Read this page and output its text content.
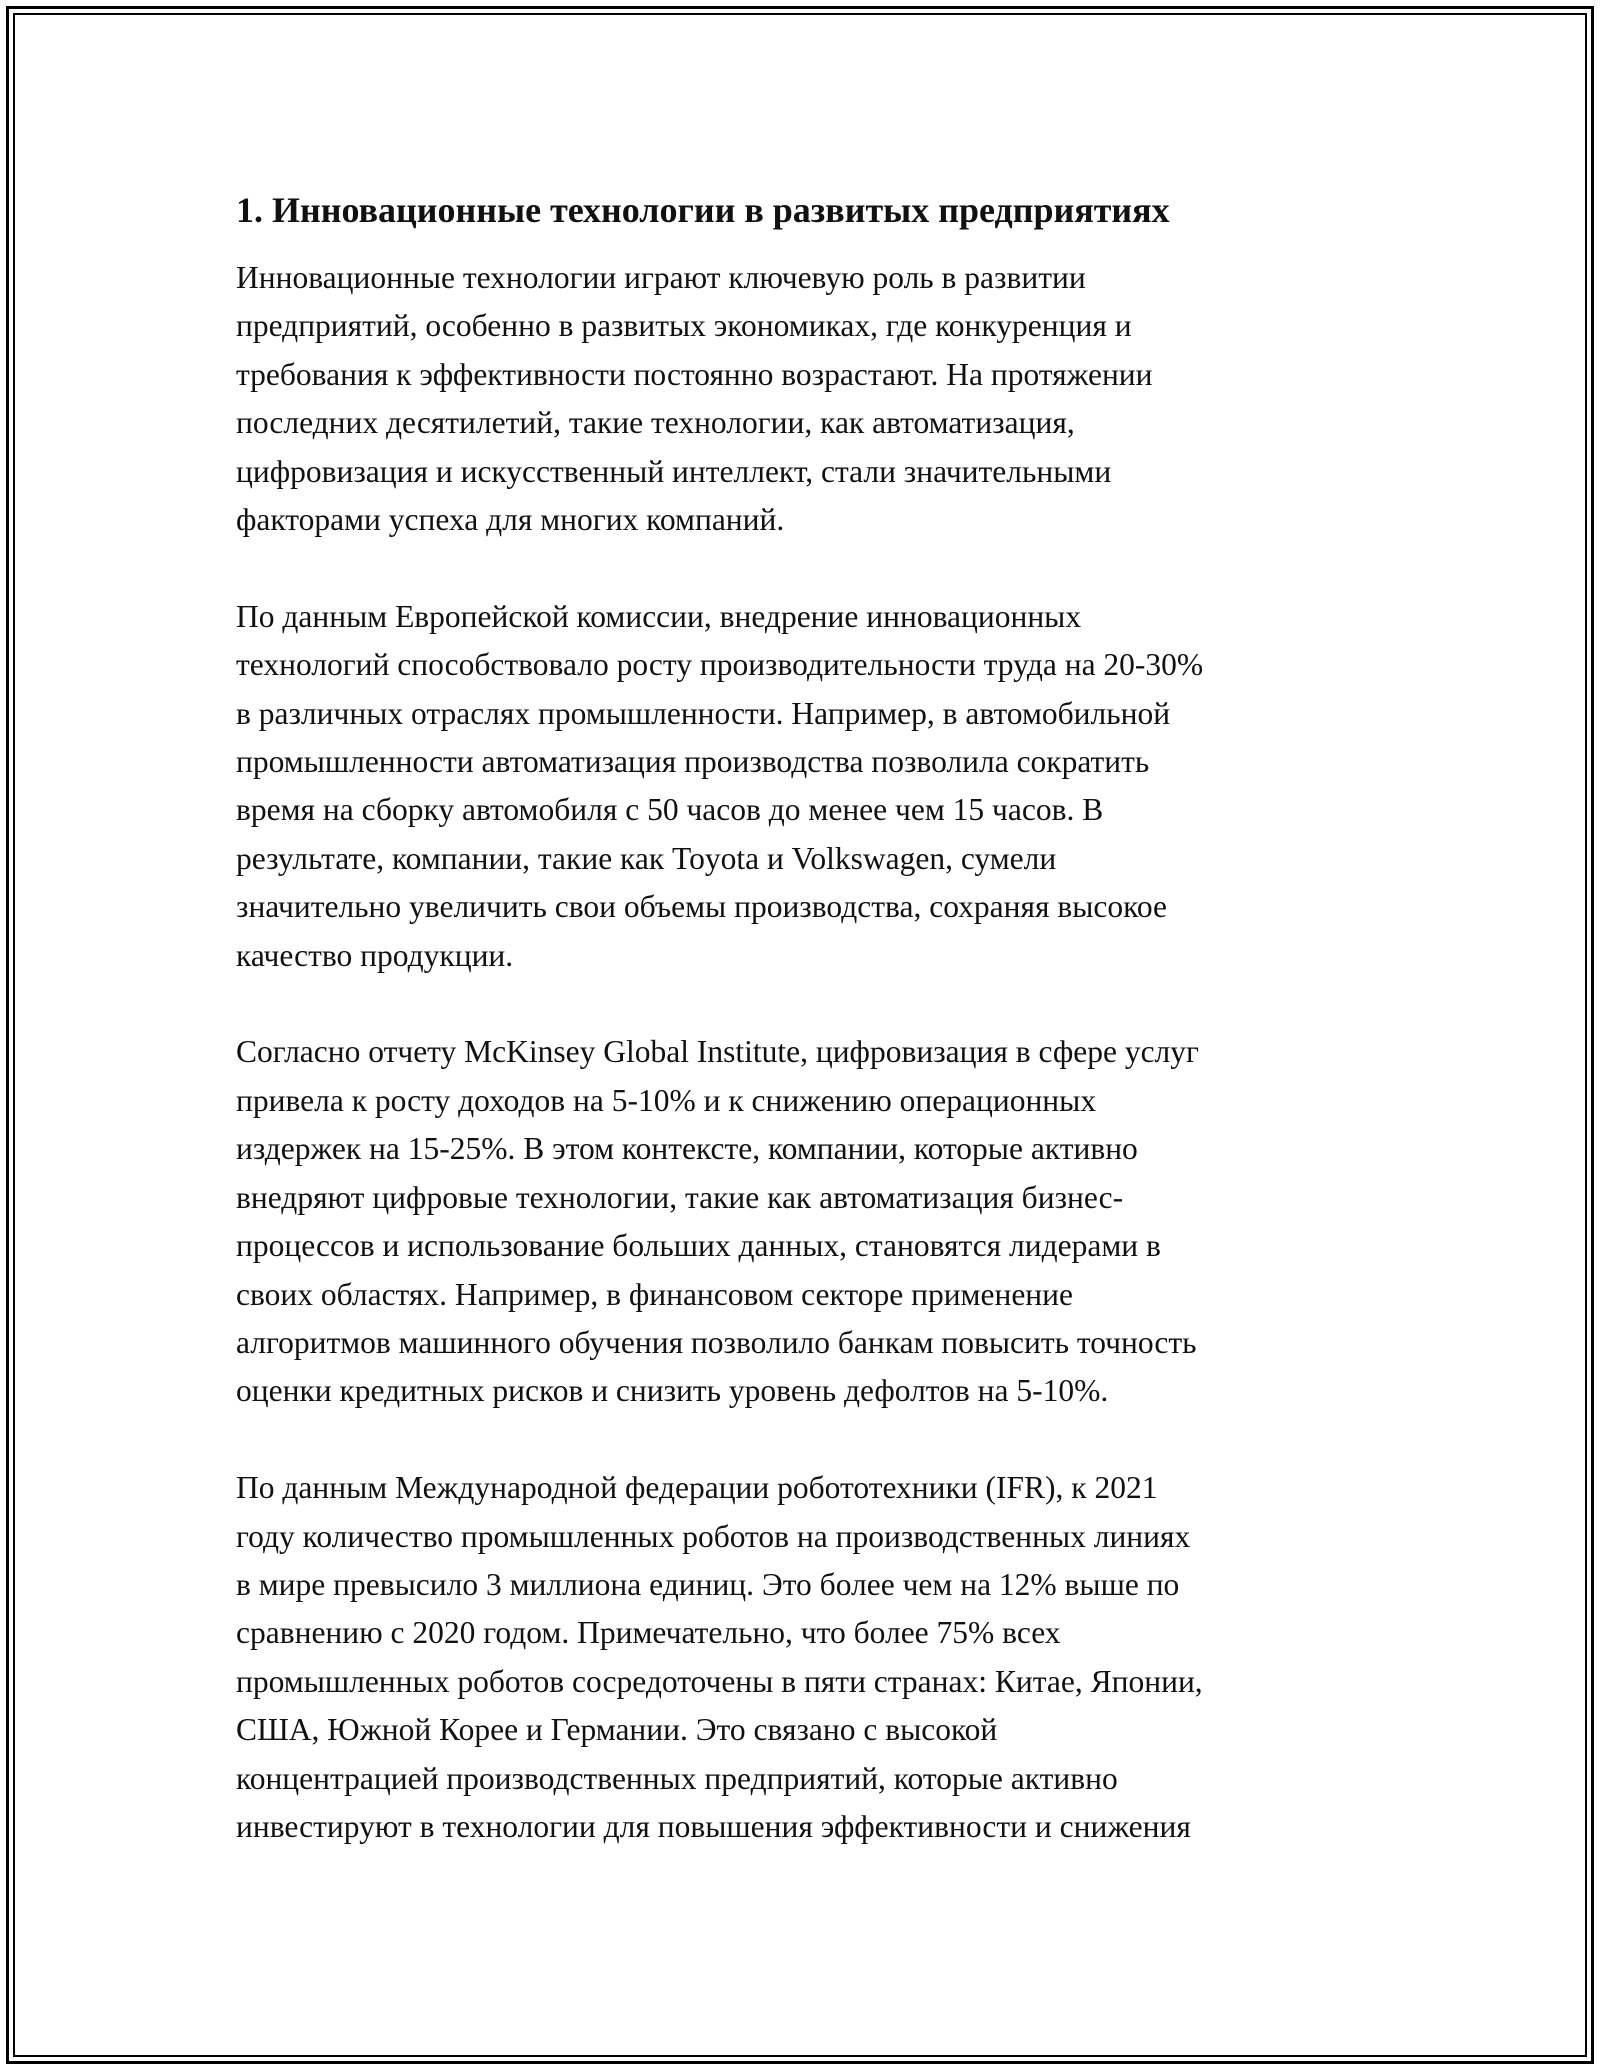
1. Инновационные технологии в развитых предприятиях

Инновационные технологии играют ключевую роль в развитии
предприятий, особенно в развитых экономиках, где конкуренция и
требования к эффективности постоянно возрастают. На протяжении
последних десятилетий, такие технологии, как автоматизация,
цифровизация и искусственный интеллект, стали значительными
факторами успеха для многих компаний.

По данным Европейской комиссии, внедрение инновационных
технологий способствовало росту производительности труда на 20-30%
в различных отраслях промышленности. Например, в автомобильной
промышленности автоматизация производства позволила сократить
время на сборку автомобиля с 50 часов до менее чем 15 часов. В
результате, компании, такие как Toyota и Volkswagen, сумели
значительно увеличить свои объемы производства, сохраняя высокое
качество продукции.

Согласно отчету McKinsey Global Institute, цифровизация в сфере услуг
привела к росту доходов на 5-10% и к снижению операционных
издержек на 15-25%. В этом контексте, компании, которые активно
внедряют цифровые технологии, такие как автоматизация бизнес-
процессов и использование больших данных, становятся лидерами в
своих областях. Например, в финансовом секторе применение
алгоритмов машинного обучения позволило банкам повысить точность
оценки кредитных рисков и снизить уровень дефолтов на 5-10%.

По данным Международной федерации робототехники (IFR), к 2021
году количество промышленных роботов на производственных линиях
в мире превысило 3 миллиона единиц. Это более чем на 12% выше по
сравнению с 2020 годом. Примечательно, что более 75% всех
промышленных роботов сосредоточены в пяти странах: Китае, Японии,
США, Южной Корее и Германии. Это связано с высокой
концентрацией производственных предприятий, которые активно
инвестируют в технологии для повышения эффективности и снижения
